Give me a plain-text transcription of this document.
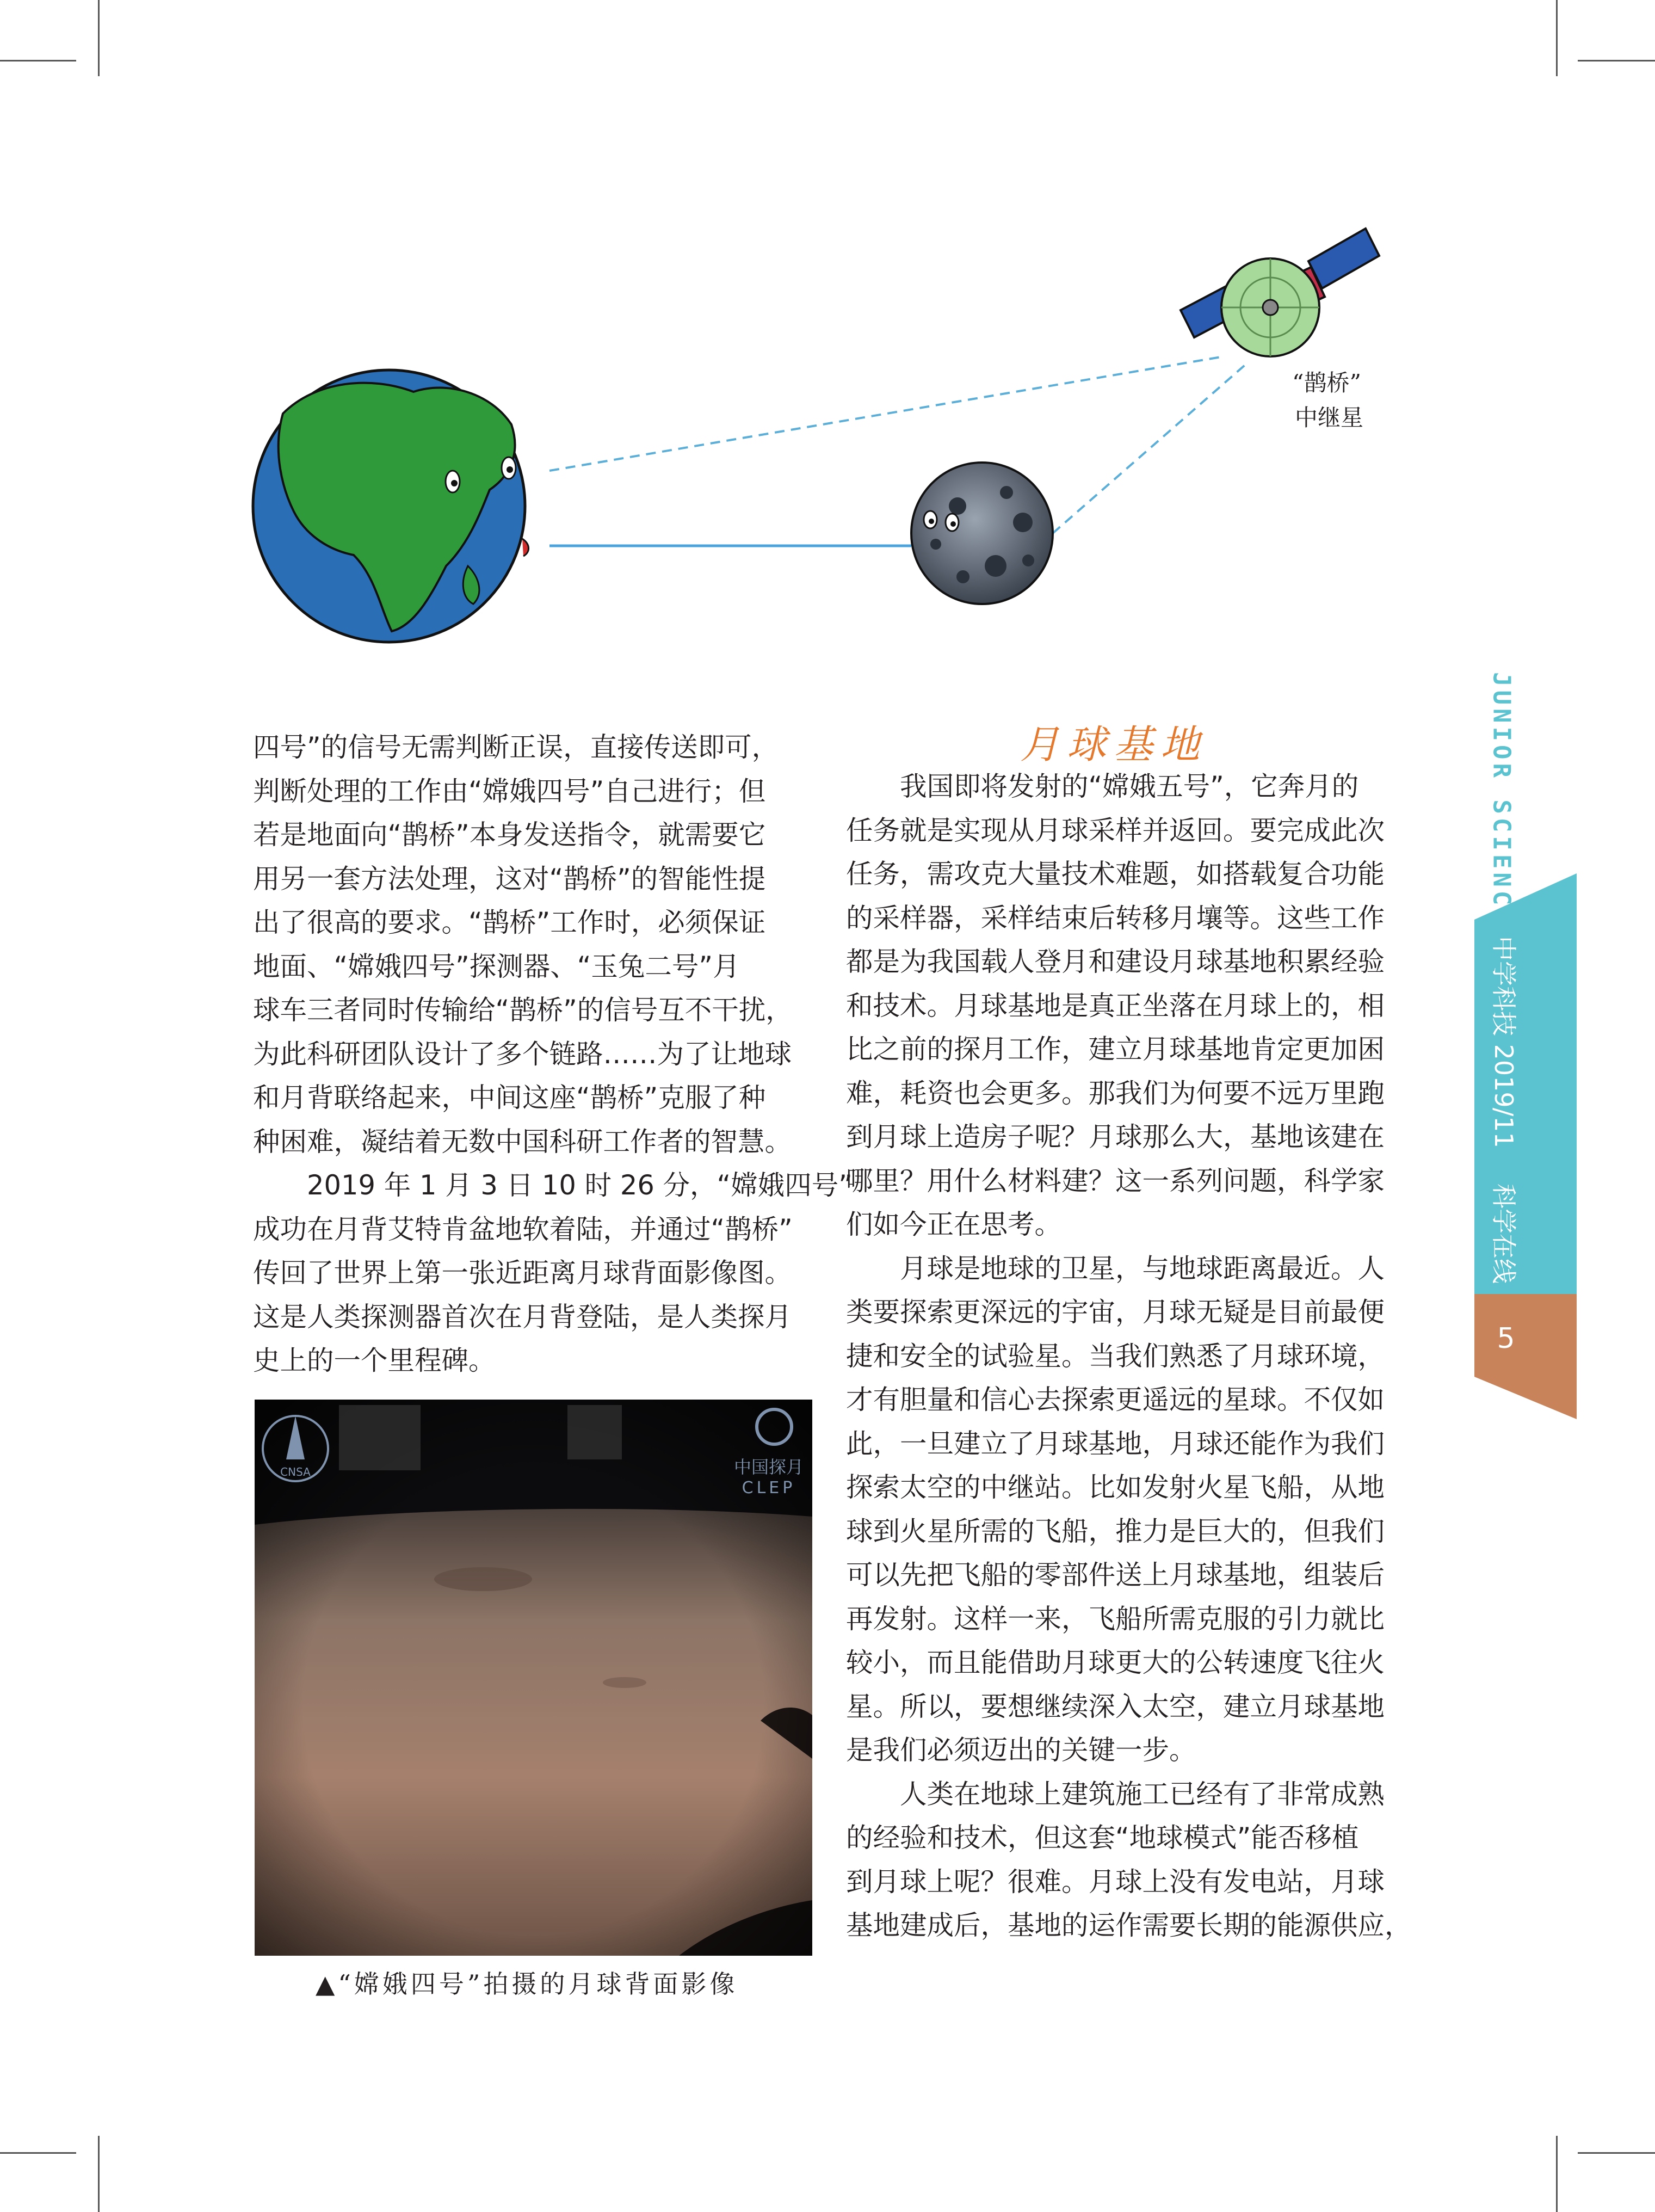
“鹊桥”
中继星
JUNIOR SCIENCE
中学科技 2019/11
科学在线
5

四号”的信号无需判断正误，直接传送即可，

判断处理的工作由“嫦娥四号”自己进行；但

若是地面向“鹊桥”本身发送指令，就需要它

用另一套方法处理，这对“鹊桥”的智能性提

出了很高的要求。“鹊桥”工作时，必须保证

地面、“嫦娥四号”探测器、“玉兔二号”月

球车三者同时传输给“鹊桥”的信号互不干扰，

为此科研团队设计了多个链路……为了让地球

和月背联络起来，中间这座“鹊桥”克服了种

种困难，凝结着无数中国科研工作者的智慧。

　　2019 年 1 月 3 日 10 时 26 分，“嫦娥四号”

成功在月背艾特肯盆地软着陆，并通过“鹊桥”

传回了世界上第一张近距离月球背面影像图。

这是人类探测器首次在月背登陆，是人类探月

史上的一个里程碑。

CNSA	中国探月
CLEP
▲“嫦娥四号”拍摄的月球背面影像
月球基地

　　我国即将发射的“嫦娥五号”，它奔月的

任务就是实现从月球采样并返回。要完成此次

任务，需攻克大量技术难题，如搭载复合功能

的采样器，采样结束后转移月壤等。这些工作

都是为我国载人登月和建设月球基地积累经验

和技术。月球基地是真正坐落在月球上的，相

比之前的探月工作，建立月球基地肯定更加困

难，耗资也会更多。那我们为何要不远万里跑

到月球上造房子呢？月球那么大，基地该建在

哪里？用什么材料建？这一系列问题，科学家

们如今正在思考。

　　月球是地球的卫星，与地球距离最近。人

类要探索更深远的宇宙，月球无疑是目前最便

捷和安全的试验星。当我们熟悉了月球环境，

才有胆量和信心去探索更遥远的星球。不仅如

此，一旦建立了月球基地，月球还能作为我们

探索太空的中继站。比如发射火星飞船，从地

球到火星所需的飞船，推力是巨大的，但我们

可以先把飞船的零部件送上月球基地，组装后

再发射。这样一来，飞船所需克服的引力就比

较小，而且能借助月球更大的公转速度飞往火

星。所以，要想继续深入太空，建立月球基地

是我们必须迈出的关键一步。

　　人类在地球上建筑施工已经有了非常成熟

的经验和技术，但这套“地球模式”能否移植

到月球上呢？很难。月球上没有发电站，月球

基地建成后，基地的运作需要长期的能源供应，
